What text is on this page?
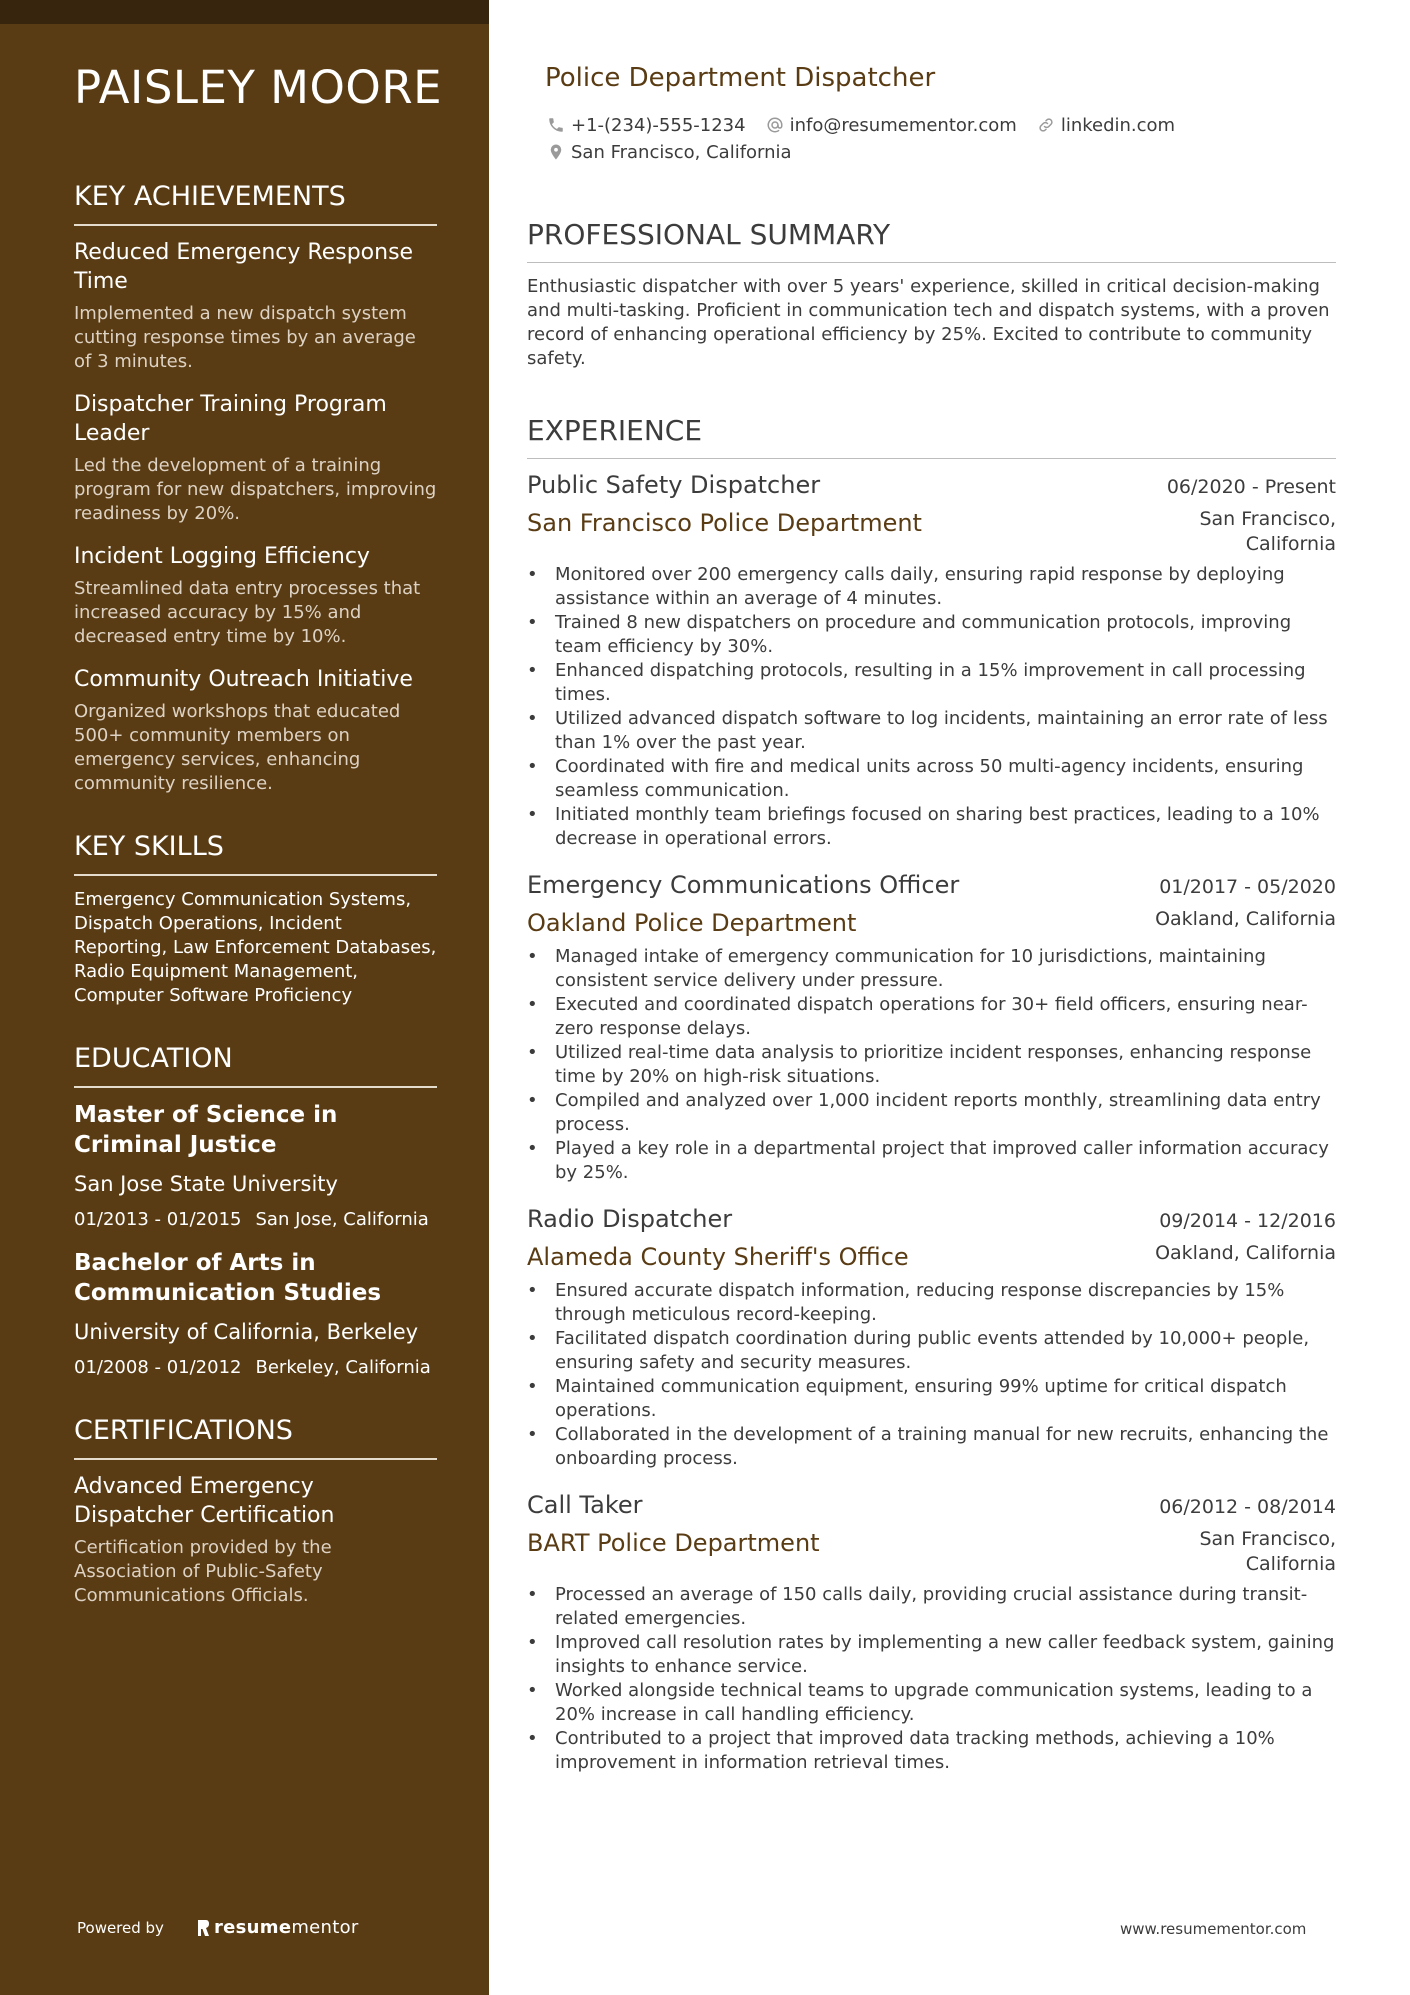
PAISLEY MOORE
KEY ACHIEVEMENTS
Reduced Emergency Response Time
Implemented a new dispatch system cutting response times by an average of 3 minutes.
Dispatcher Training Program Leader
Led the development of a training program for new dispatchers, improving readiness by 20%.
Incident Logging Efficiency
Streamlined data entry processes that increased accuracy by 15% and decreased entry time by 10%.
Community Outreach Initiative
Organized workshops that educated 500+ community members on emergency services, enhancing community resilience.
KEY SKILLS
Emergency Communication Systems, Dispatch Operations, Incident Reporting, Law Enforcement Databases, Radio Equipment Management, Computer Software Proficiency
EDUCATION
Master of Science in Criminal Justice
San Jose State University
01/2013 - 01/2015 San Jose, California
Bachelor of Arts in Communication Studies
University of California, Berkeley
01/2008 - 01/2012 Berkeley, California
CERTIFICATIONS
Advanced Emergency Dispatcher Certification
Certification provided by the Association of Public-Safety Communications Officials.
Powered by	resume mentor
Police Department Dispatcher
+1-(234)-555-1234 info@resumementor.com linkedin.com
San Francisco, California
PROFESSIONAL SUMMARY
Enthusiastic dispatcher with over 5 years' experience, skilled in critical decision-making and multi-tasking. Proficient in communication tech and dispatch systems, with a proven record of enhancing operational efficiency by 25%. Excited to contribute to community safety.
EXPERIENCE
Public Safety Dispatcher	06/2020 - Present
San Francisco Police Department	San Francisco, California
• Monitored over 200 emergency calls daily, ensuring rapid response by deploying assistance within an average of 4 minutes.
• Trained 8 new dispatchers on procedure and communication protocols, improving team efficiency by 30%.
• Enhanced dispatching protocols, resulting in a 15% improvement in call processing times.
• Utilized advanced dispatch software to log incidents, maintaining an error rate of less than 1% over the past year.
• Coordinated with fire and medical units across 50 multi-agency incidents, ensuring seamless communication.
• Initiated monthly team briefings focused on sharing best practices, leading to a 10% decrease in operational errors.
Emergency Communications Officer	01/2017 - 05/2020
Oakland Police Department	Oakland, California
• Managed intake of emergency communication for 10 jurisdictions, maintaining consistent service delivery under pressure.
• Executed and coordinated dispatch operations for 30+ field officers, ensuring near-zero response delays.
• Utilized real-time data analysis to prioritize incident responses, enhancing response time by 20% on high-risk situations.
• Compiled and analyzed over 1,000 incident reports monthly, streamlining data entry process.
• Played a key role in a departmental project that improved caller information accuracy by 25%.
Radio Dispatcher	09/2014 - 12/2016
Alameda County Sheriff's Office	Oakland, California
• Ensured accurate dispatch information, reducing response discrepancies by 15% through meticulous record-keeping.
• Facilitated dispatch coordination during public events attended by 10,000+ people, ensuring safety and security measures.
• Maintained communication equipment, ensuring 99% uptime for critical dispatch operations.
• Collaborated in the development of a training manual for new recruits, enhancing the onboarding process.
Call Taker	06/2012 - 08/2014
BART Police Department	San Francisco, California
• Processed an average of 150 calls daily, providing crucial assistance during transit-related emergencies.
• Improved call resolution rates by implementing a new caller feedback system, gaining insights to enhance service.
• Worked alongside technical teams to upgrade communication systems, leading to a 20% increase in call handling efficiency.
• Contributed to a project that improved data tracking methods, achieving a 10% improvement in information retrieval times.
www.resumementor.com
